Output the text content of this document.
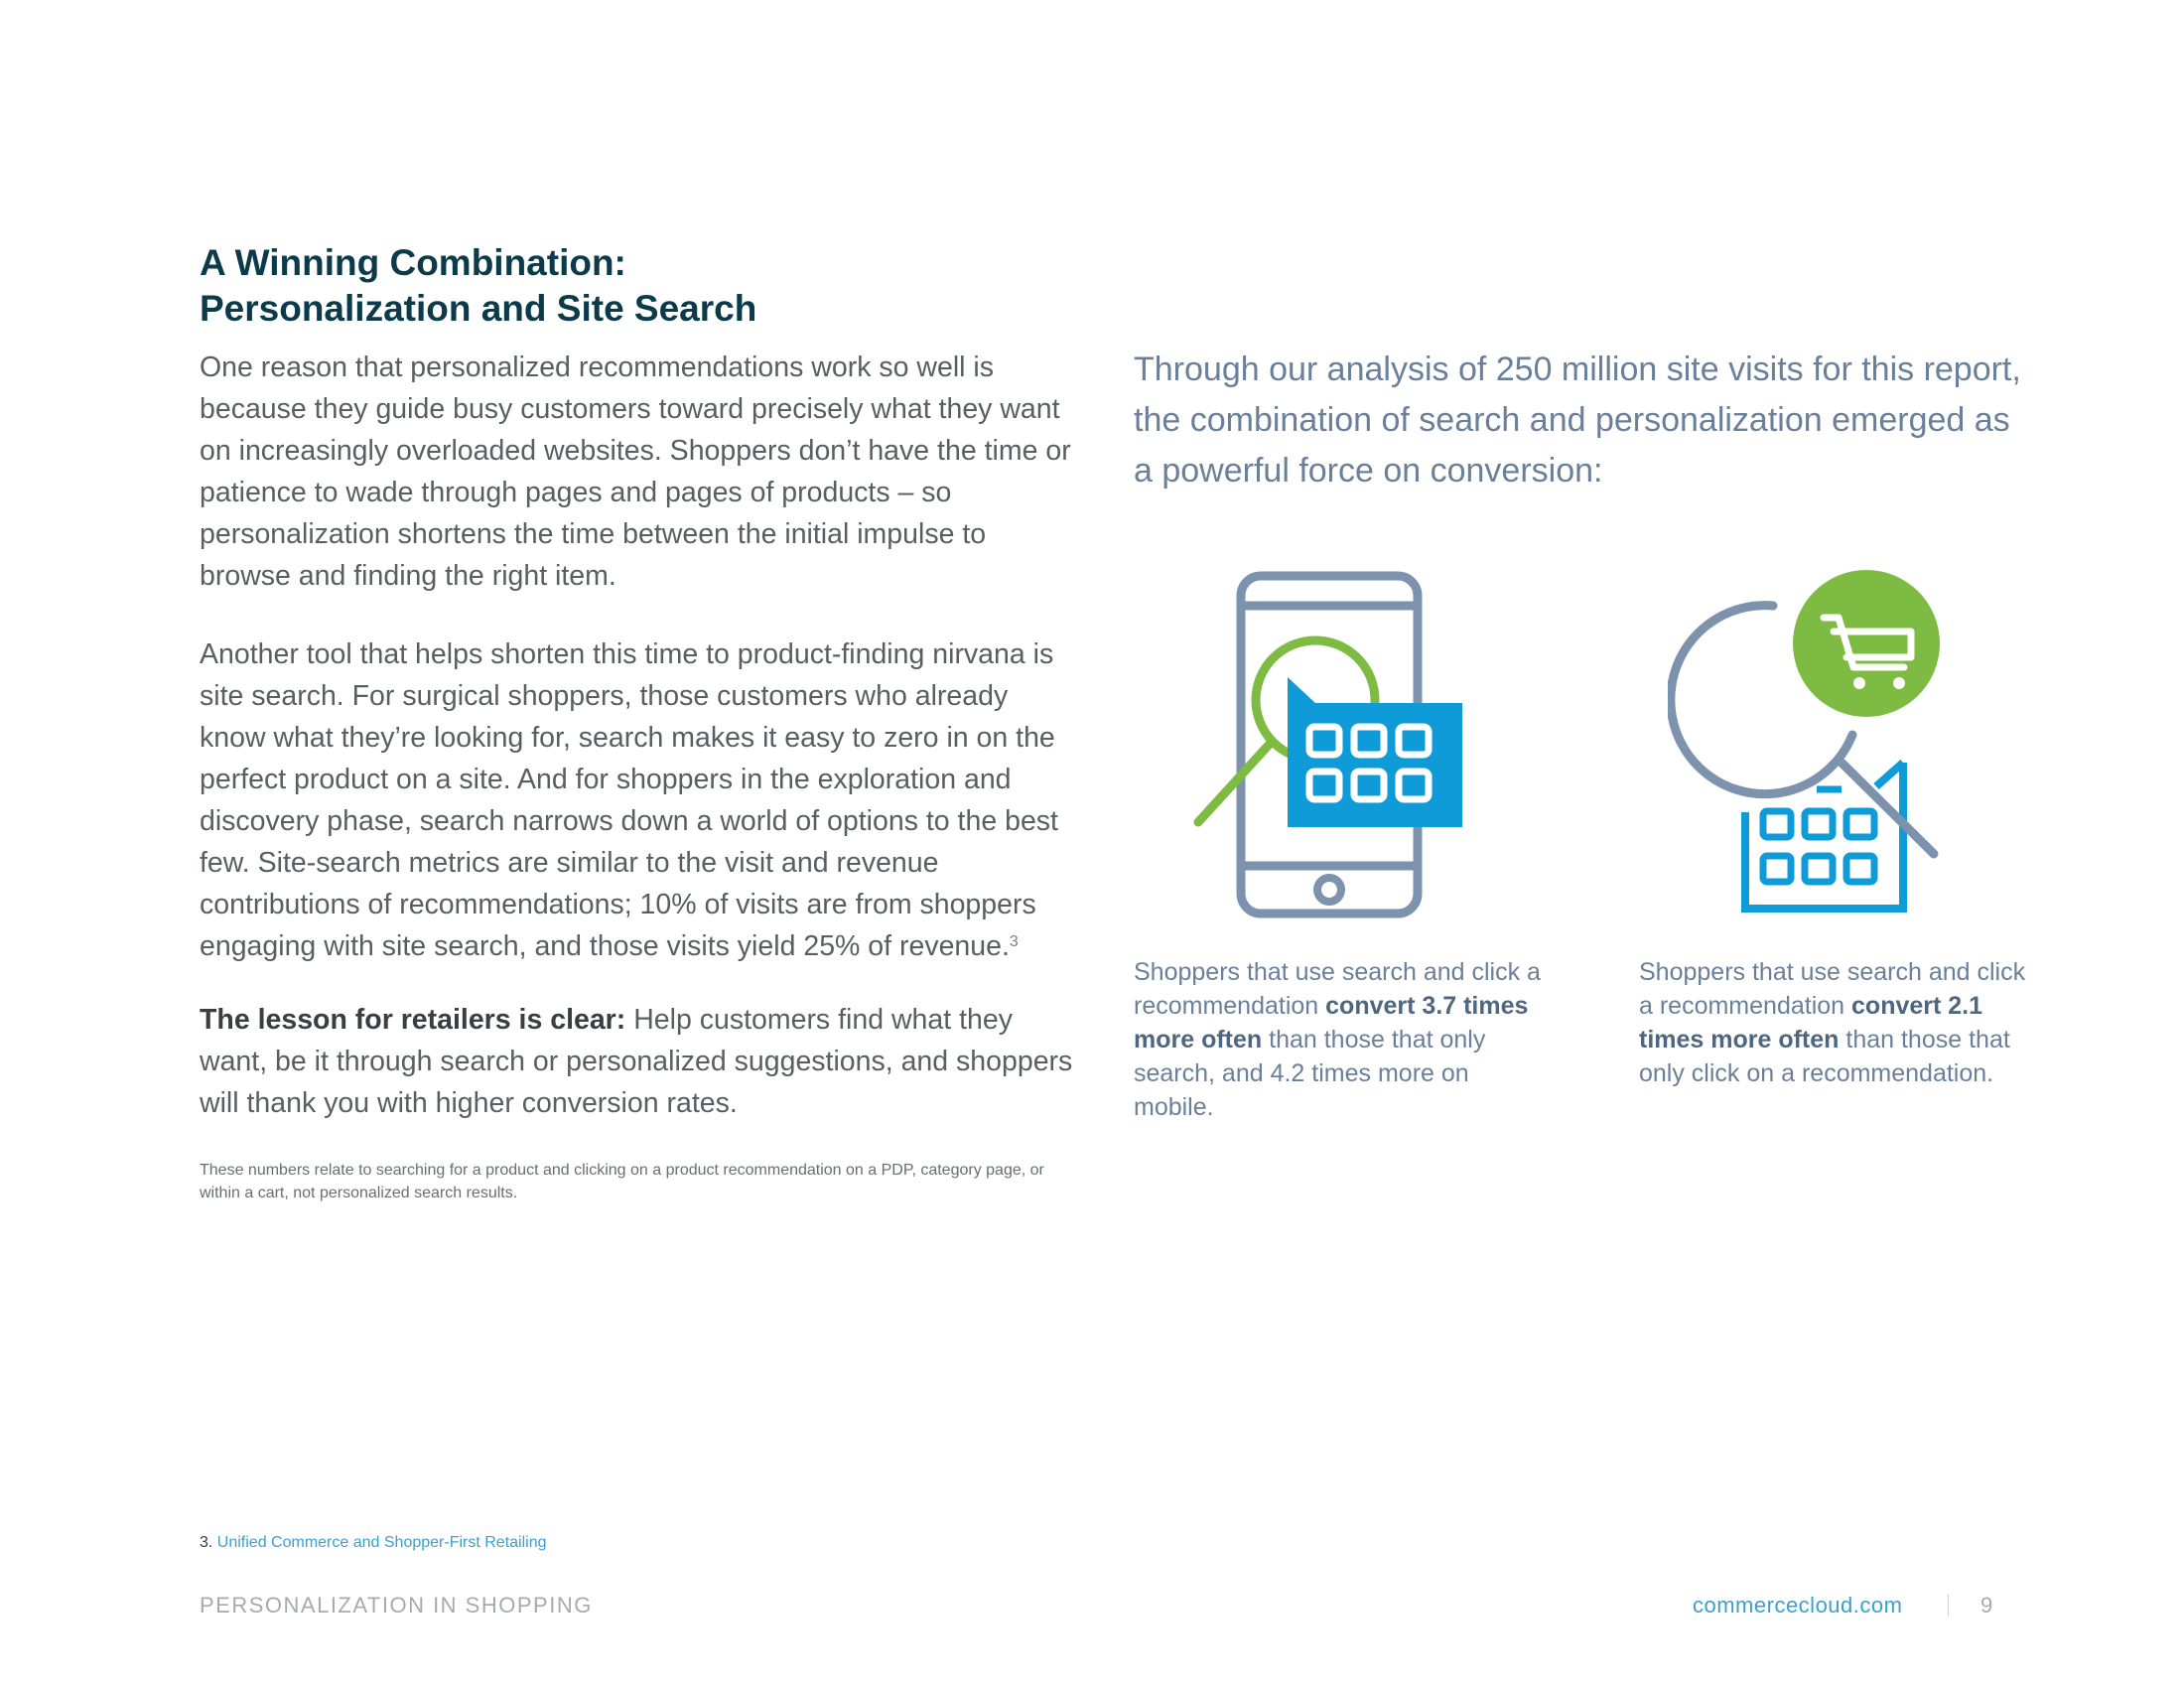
A Winning Combination:
Personalization and Site Search

One reason that personalized recommendations work so well is because they guide busy customers toward precisely what they want on increasingly overloaded websites. Shoppers don’t have the time or patience to wade through pages and pages of products – so personalization shortens the time between the initial impulse to browse and finding the right item.

Another tool that helps shorten this time to product-finding nirvana is site search. For surgical shoppers, those customers who already know what they’re looking for, search makes it easy to zero in on the perfect product on a site. And for shoppers in the exploration and discovery phase, search narrows down a world of options to the best few. Site-search metrics are similar to the visit and revenue contributions of recommendations; 10% of visits are from shoppers engaging with site search, and those visits yield 25% of revenue.$^3$

The lesson for retailers is clear: Help customers find what they want, be it through search or personalized suggestions, and shoppers will thank you with higher conversion rates.

These numbers relate to searching for a product and clicking on a product recommendation on a PDP, category page, or within a cart, not personalized search results.
Through our analysis of 250 million site visits for this report, the combination of search and personalization emerged as a powerful force on conversion:
Shoppers that use search and click a recommendation convert 3.7 times more often than those that only search, and 4.2 times more on mobile.
Shoppers that use search and click a recommendation convert 2.1 times more often than those that only click on a recommendation.
3. Unified Commerce and Shopper-First Retailing
PERSONALIZATION IN SHOPPING	commercecloud.com	9
